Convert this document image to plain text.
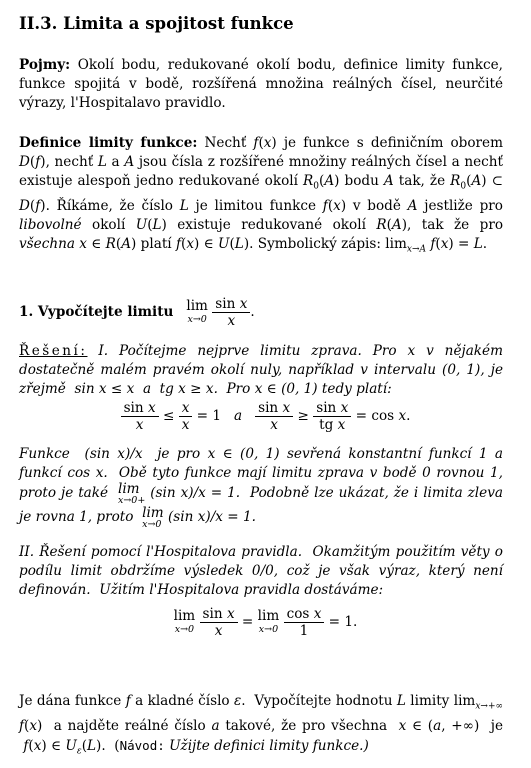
II.3. Limita a spojitost funkce
Pojmy: Okolí bodu, redukované okolí bodu, definice limity funkce, funkce spojitá v bodě, rozšířená množina reálných čísel, neurčité výrazy, l'Hospitalavo pravidlo.
Definice limity funkce: Nechť f(x) je funkce s definičním oborem D(f), nechť L a A jsou čísla z rozšířené množiny reálných čísel a nechť existuje alespoň jedno redukované okolí $R_0(A)$ bodu A tak, že $R_0(A)$ ⊂ D(f). Říkáme, že číslo L je limitou funkce f(x) v bodě A jestliže pro libovolné okolí U(L) existuje redukované okolí R(A), tak že pro všechna x ∈ R(A) platí f(x) ∈ U(L). Symbolický zápis: $\lim_{x\to A} f(x) = L$.
1. Vypočítejte limitu lim
x→0
$\frac{\text{sin x}}{x}$ .
Řešení: I. Počítejme nejprve limitu zprava. Pro x v nějakém dostatečně malém pravém okolí nuly, například v intervalu (0, 1), je zřejmě  sin x ≤ x  a  tg x ≥ x.  Pro x ∈ (0, 1) tedy platí:
$\frac{\text{sin x}}{x} \le \frac{x}{x} = 1$   a $\frac{\text{sin x}}{x} \ge \frac{\text{sin x}}{\text{tg x}} = \cos x$.
Funkce  (sin x)/x  je pro x ∈ (0, 1) sevřená konstantní funkcí 1 a funkcí cos x.  Obě tyto funkce mají limitu zprava v bodě 0 rovnou 1, proto je také  lim
x→0+ (sin x)/x = 1.  Podobně lze ukázat, že i limita zleva je rovna 1, proto  lim
x→0 (sin x)/x = 1.
II. Řešení pomocí l'Hospitalova pravidla.  Okamžitým použitím věty o podílu limit obdržíme výsledek 0/0, což je však výraz, který není definován.  Užitím l'Hospitalova pravidla dostáváme:
lim
x→0
$\frac{\text{sin x}}{x} = \lim$
x→0
$\frac{\text{cos x}}{1} = 1$.
Je dána funkce f a kladné číslo ε.  Vypočítejte hodnotu L limity $\lim_{x\to+\infty} f(x)$  a najděte reálné číslo a takové, že pro všechna  x ∈ (a, +∞)  je  f(x) ∈ $U_\varepsilon(L)$.  (Návod: Užijte definici limity funkce.)
